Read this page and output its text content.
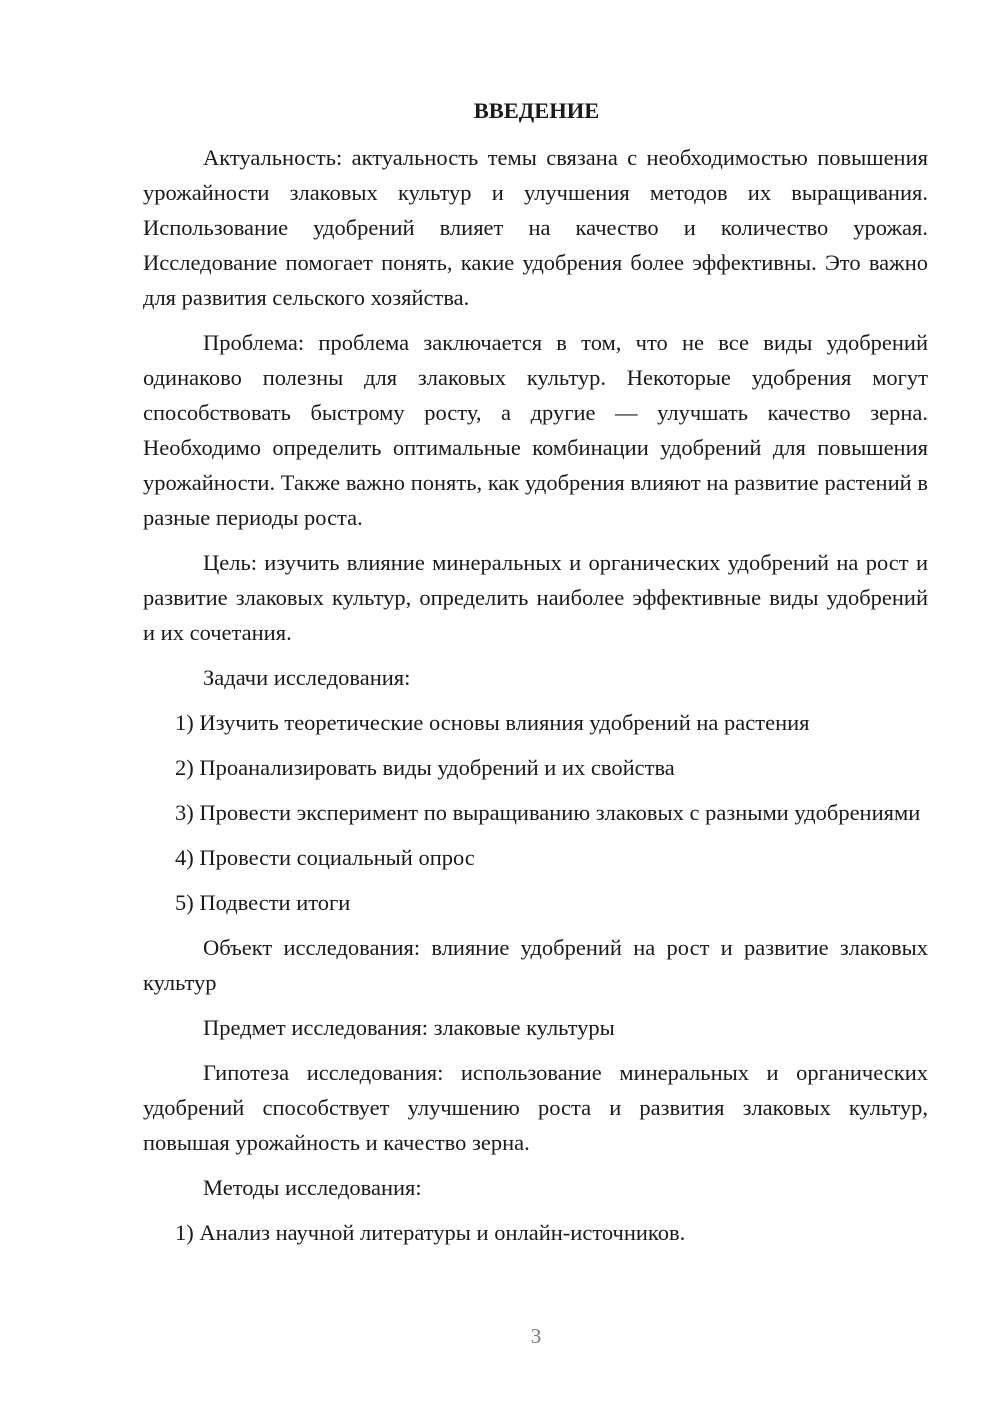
ВВЕДЕНИЕ

Актуальность: актуальность темы связана с необходимостью повышения урожайности злаковых культур и улучшения методов их выращивания. Использование удобрений влияет на качество и количество урожая. Исследование помогает понять, какие удобрения более эффективны. Это важно для развития сельского хозяйства.

Проблема: проблема заключается в том, что не все виды удобрений одинаково полезны для злаковых культур. Некоторые удобрения могут способствовать быстрому росту, а другие — улучшать качество зерна. Необходимо определить оптимальные комбинации удобрений для повышения урожайности. Также важно понять, как удобрения влияют на развитие растений в разные периоды роста.

Цель: изучить влияние минеральных и органических удобрений на рост и развитие злаковых культур, определить наиболее эффективные виды удобрений и их сочетания.

Задачи исследования:

1) Изучить теоретические основы влияния удобрений на растения

2) Проанализировать виды удобрений и их свойства

3) Провести эксперимент по выращиванию злаковых с разными удобрениями

4) Провести социальный опрос

5) Подвести итоги

Объект исследования: влияние удобрений на рост и развитие злаковых культур

Предмет исследования: злаковые культуры

Гипотеза исследования: использование минеральных и органических удобрений способствует улучшению роста и развития злаковых культур, повышая урожайность и качество зерна.

Методы исследования:

1) Анализ научной литературы и онлайн-источников.

3
